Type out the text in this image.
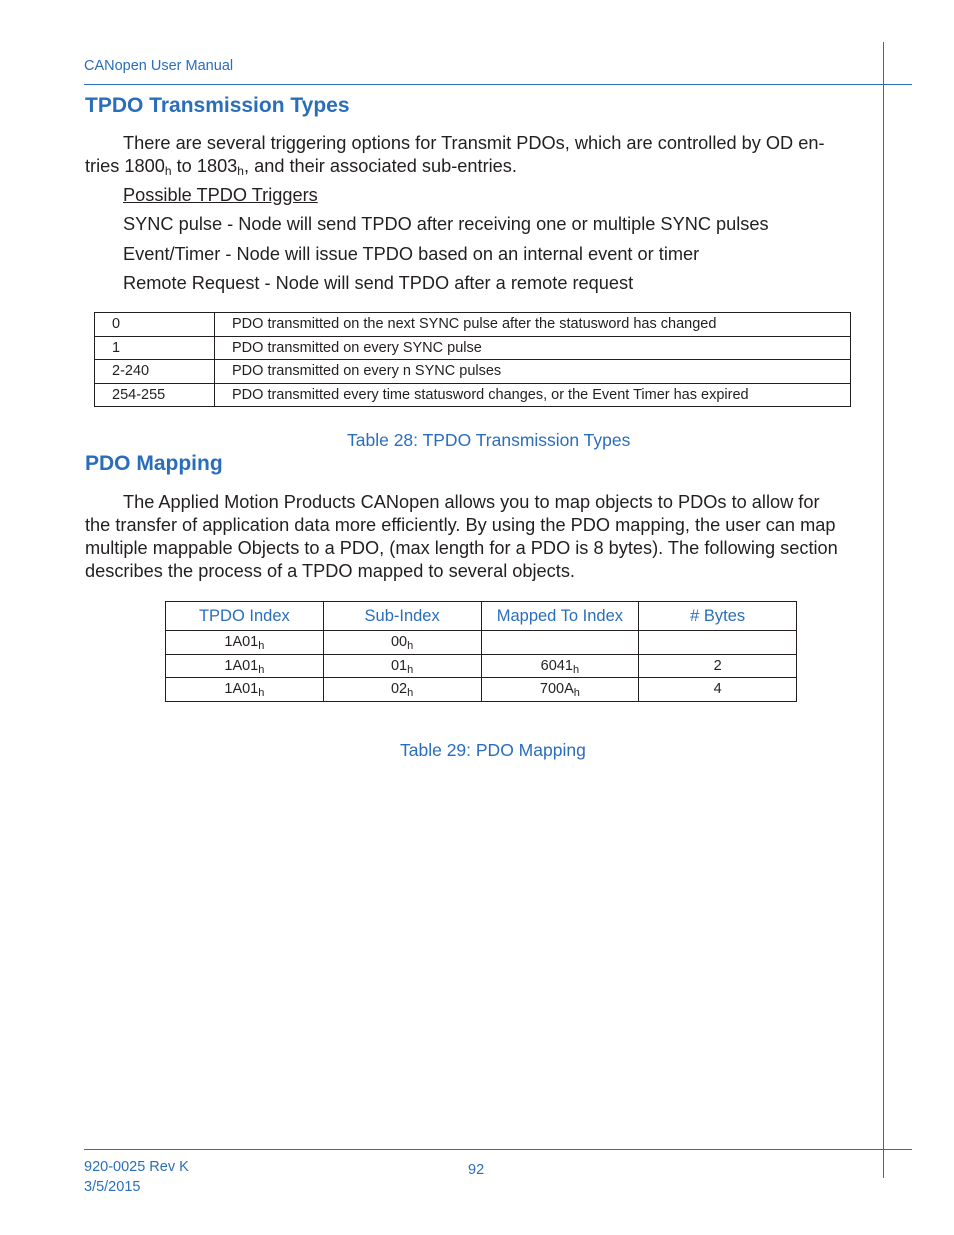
CANopen User Manual
TPDO Transmission Types

There are several triggering options for Transmit PDOs, which are controlled by OD en-
tries $1800_h$ to $1803_h$, and their associated sub-entries.

Possible TPDO Triggers

SYNC pulse - Node will send TPDO after receiving one or multiple SYNC pulses

Event/Timer - Node will issue TPDO based on an internal event or timer

Remote Request - Node will send TPDO after a remote request

0	PDO transmitted on the next SYNC pulse after the statusword has changed
1	PDO transmitted on every SYNC pulse
2-240	PDO transmitted on every n SYNC pulses
254-255	PDO transmitted every time statusword changes, or the Event Timer has expired
Table 28: TPDO Transmission Types
PDO Mapping

The Applied Motion Products CANopen allows you to map objects to PDOs to allow for
the transfer of application data more efficiently. By using the PDO mapping, the user can map
multiple mappable Objects to a PDO, (max length for a PDO is 8 bytes). The following section
describes the process of a TPDO mapped to several objects.

TPDO Index	Sub-Index	Mapped To Index	# Bytes
$1A01_h$	$00_h$		
$1A01_h$	$01_h$	$6041_h$	2
$1A01_h$	$02_h$	$700A_h$	4
Table 29: PDO Mapping
920-0025 Rev K
3/5/2015
92
